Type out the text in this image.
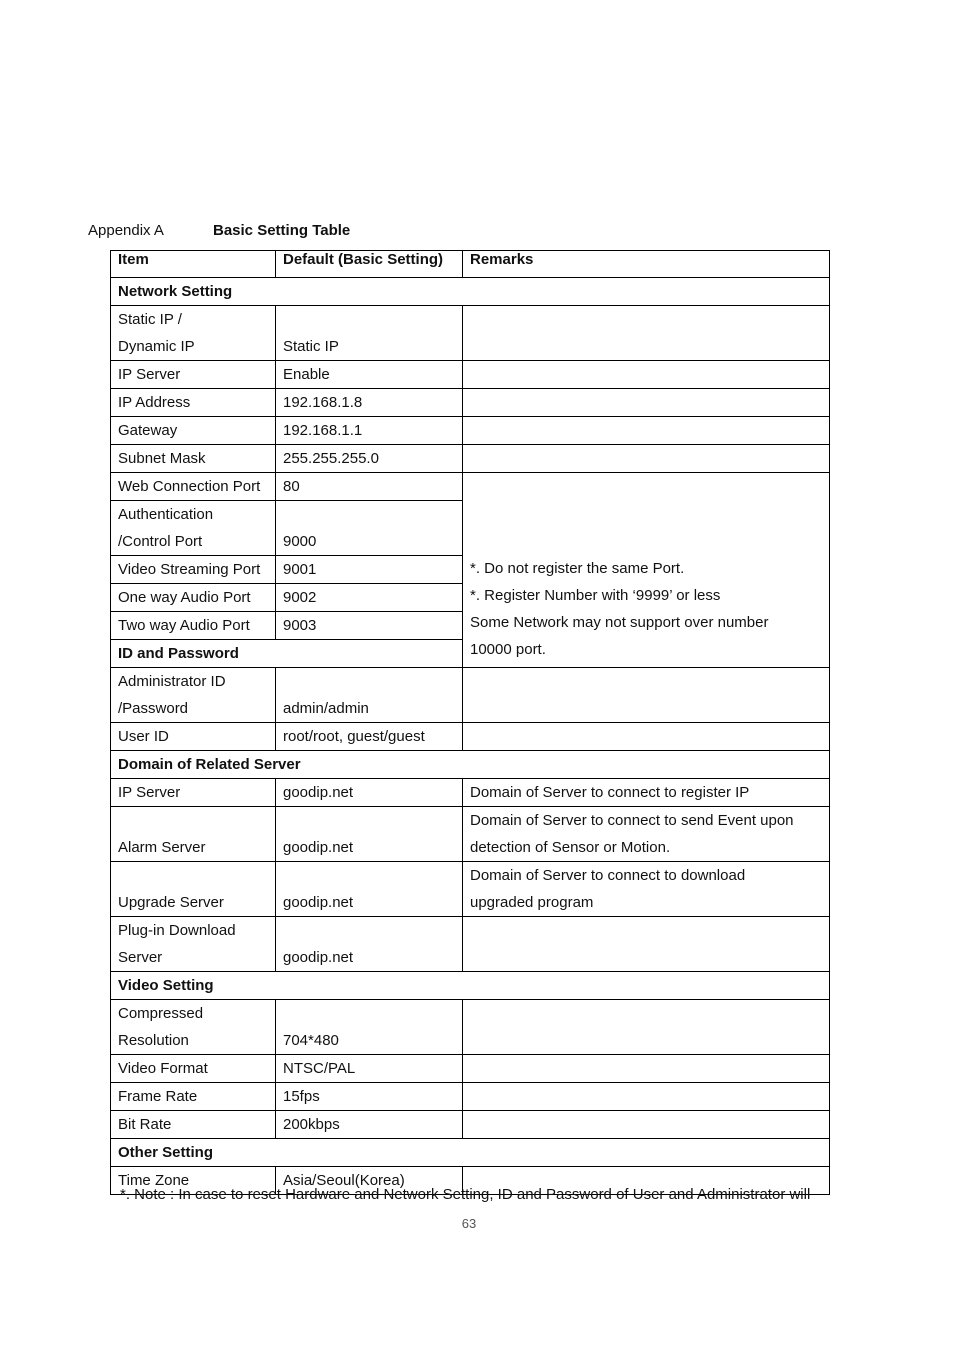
Appendix A	Basic Setting Table
Item	Default (Basic Setting)	Remarks
Network Setting		

Static IP /
Dynamic IP	Static IP	
IP Server	Enable	
IP Address	192.168.1.8	
Gateway	192.168.1.1	
Subnet Mask	255.255.255.0	
Web Connection Port	80	*. Do not register the same Port.
*. Register Number with ‘9999’ or less
Some Network may not support over number
10000 port.

Authentication
/Control Port	9000	
Video Streaming Port	9001	
One way Audio Port	9002	
Two way Audio Port	9003	
ID and Password		

Administrator ID
/Password	admin/admin	
User ID	root/root, guest/guest	
Domain of Related Server		
IP Server	goodip.net	Domain of Server to connect to register IP
Alarm Server	goodip.net	Domain of Server to connect to send Event upon
detection of Sensor or Motion.

Upgrade Server	goodip.net	Domain of Server to connect to download
upgraded program

Plug-in Download
Server	goodip.net	
Video Setting		

Compressed
Resolution	704*480	
Video Format	NTSC/PAL	
Frame Rate	15fps	
Bit Rate	200kbps	
Other Setting		
Time Zone	Asia/Seoul(Korea)	
*. Note : In case to reset Hardware and Network Setting, ID and Password of User and Administrator will
63
